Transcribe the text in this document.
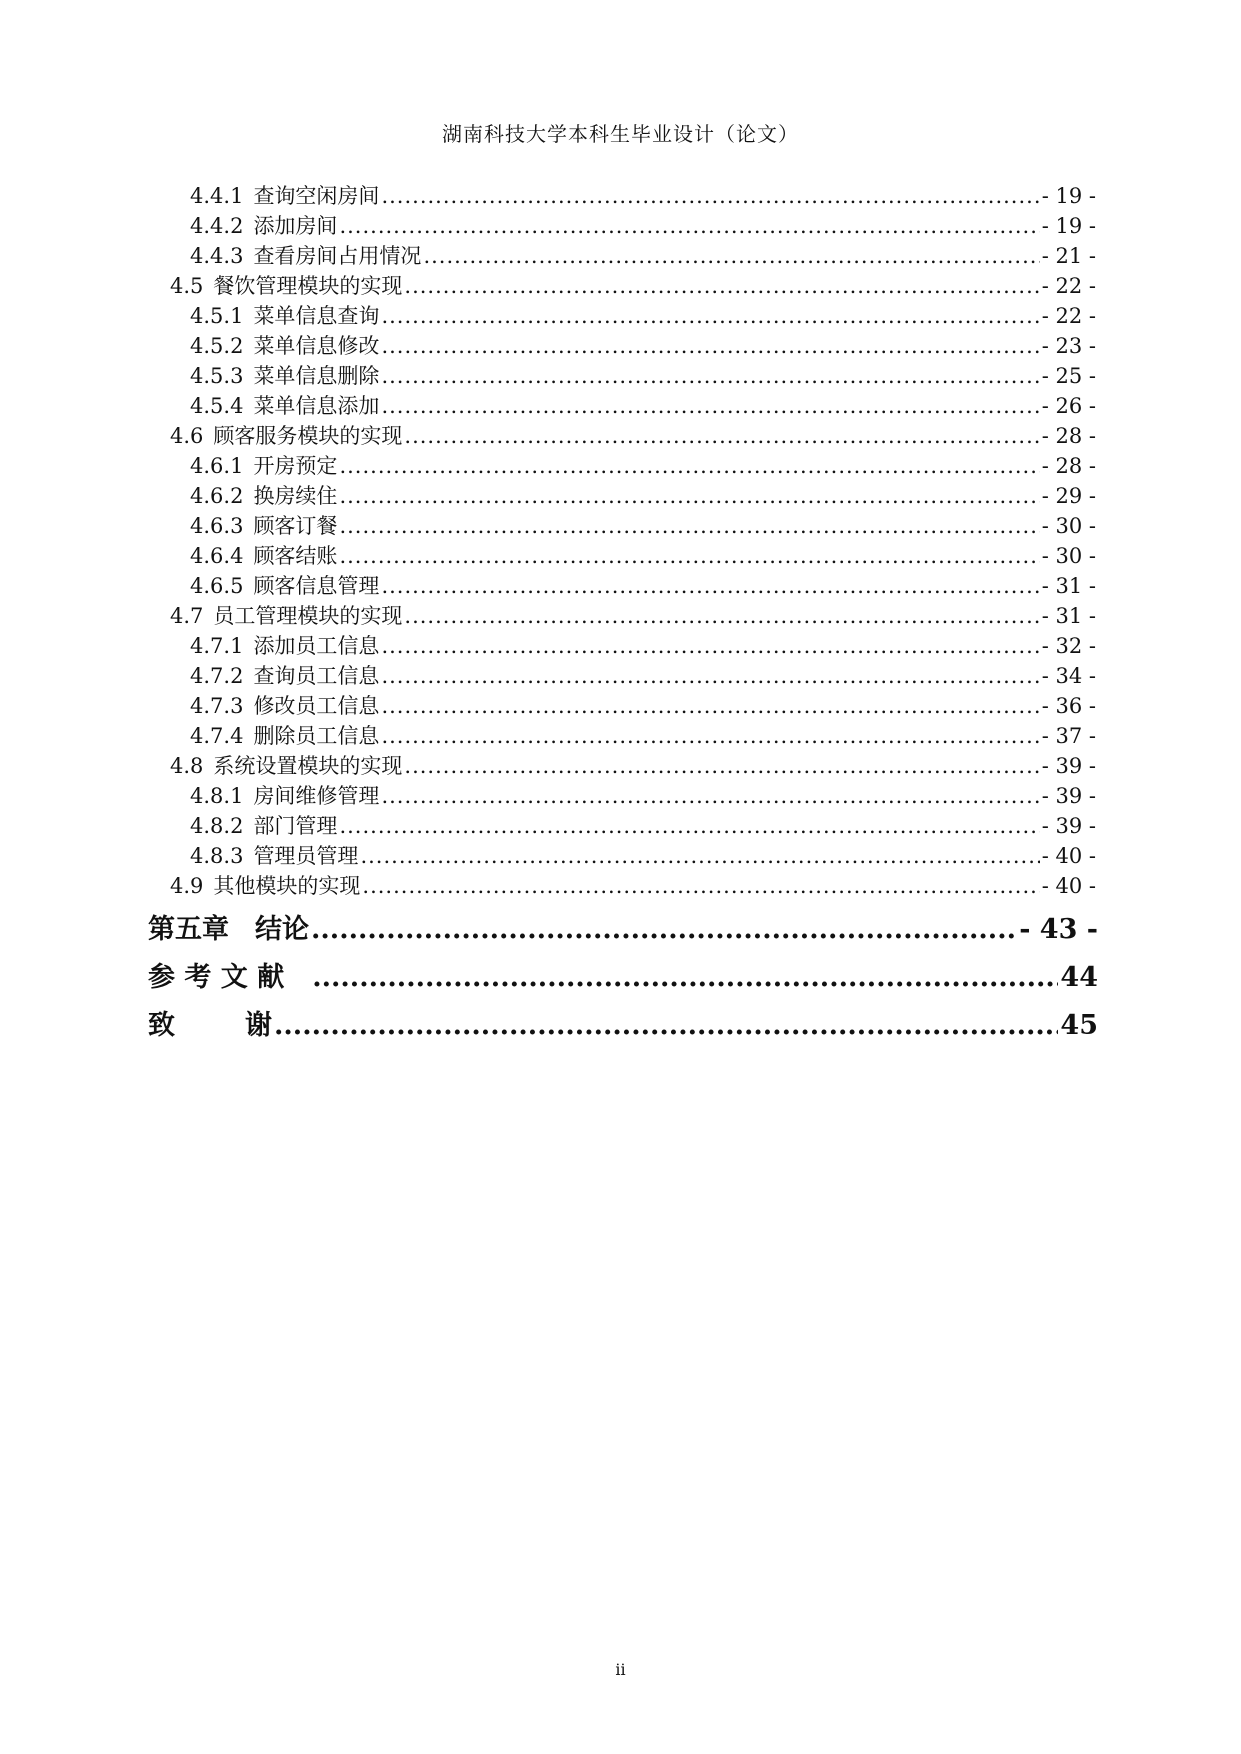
湖南科技大学本科生毕业设计（论文）
4.4.1 查询空闲房间 .....	- 19 -
4.4.2 添加房间 .....	- 19 -
4.4.3 查看房间占用情况 .....	- 21 -
4.5 餐饮管理模块的实现 .....	- 22 -
4.5.1 菜单信息查询 .....	- 22 -
4.5.2 菜单信息修改 .....	- 23 -
4.5.3 菜单信息删除 .....	- 25 -
4.5.4 菜单信息添加 .....	- 26 -
4.6 顾客服务模块的实现 .....	- 28 -
4.6.1 开房预定 .....	- 28 -
4.6.2 换房续住 .....	- 29 -
4.6.3 顾客订餐 .....	- 30 -
4.6.4 顾客结账 .....	- 30 -
4.6.5 顾客信息管理 .....	- 31 -
4.7 员工管理模块的实现 .....	- 31 -
4.7.1 添加员工信息 .....	- 32 -
4.7.2 查询员工信息 .....	- 34 -
4.7.3 修改员工信息 .....	- 36 -
4.7.4 删除员工信息 .....	- 37 -
4.8 系统设置模块的实现 .....	- 39 -
4.8.1 房间维修管理 .....	- 39 -
4.8.2 部门管理 .....	- 39 -
4.8.3 管理员管理 .....	- 40 -
4.9 其他模块的实现 .....	- 40 -
第五章 结论 .....	- 43 -
参 考 文 献 .....	44
致	谢 .....	45
ii
